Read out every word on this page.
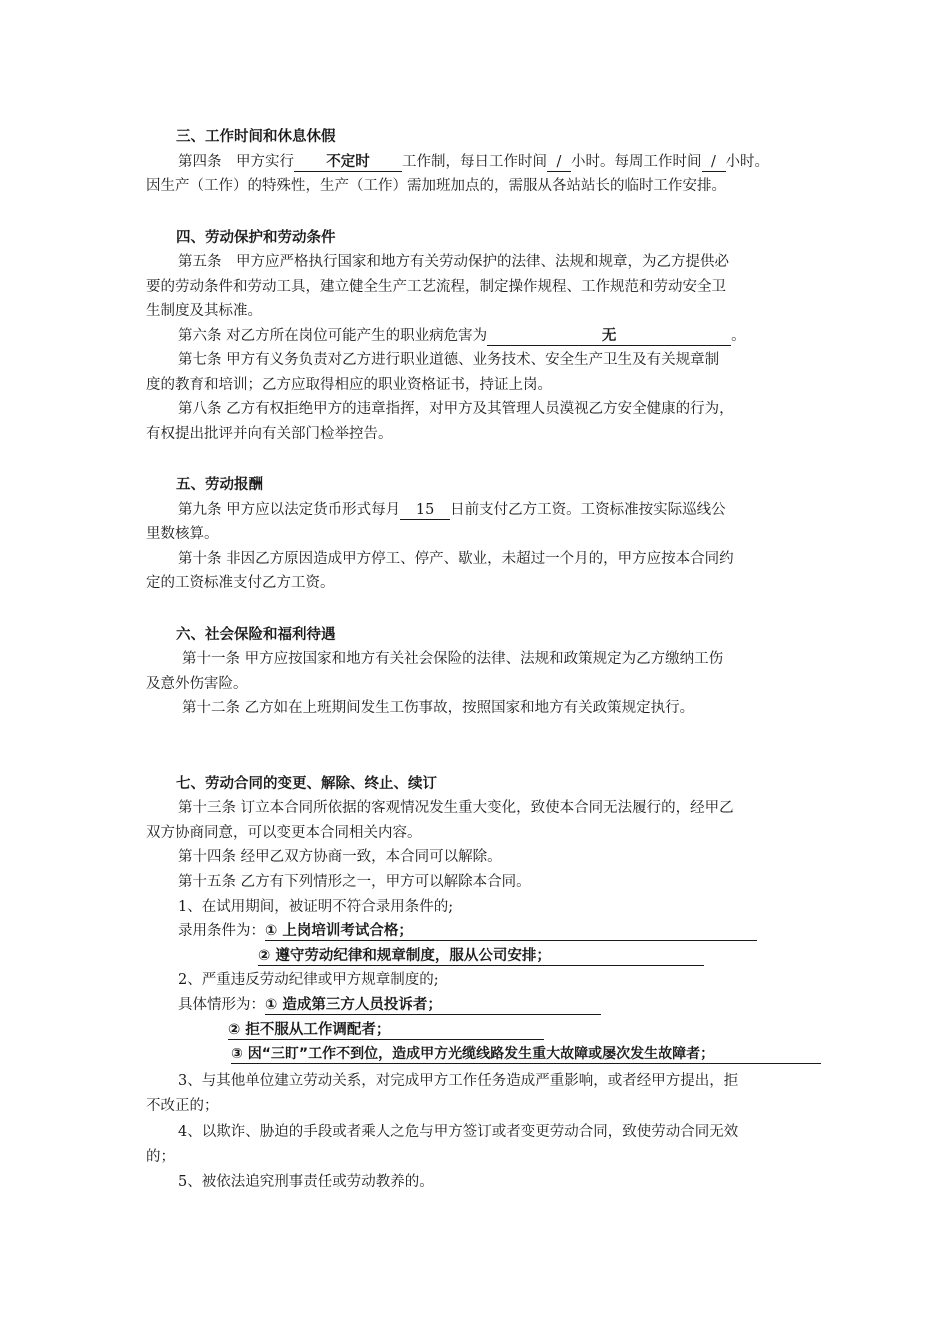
三、工作时间和休息休假
第四条　甲方实行 不定时 工作制，每日工作时间 / 小时。每周工作时间 / 小时。
因生产（工作）的特殊性，生产（工作）需加班加点的，需服从各站站长的临时工作安排。
四、劳动保护和劳动条件
第五条　甲方应严格执行国家和地方有关劳动保护的法律、法规和规章，为乙方提供必
要的劳动条件和劳动工具，建立健全生产工艺流程，制定操作规程、工作规范和劳动安全卫
生制度及其标准。
第六条 对乙方所在岗位可能产生的职业病危害为	无	。
第七条 甲方有义务负责对乙方进行职业道德、业务技术、安全生产卫生及有关规章制
度的教育和培训；乙方应取得相应的职业资格证书，持证上岗。
第八条 乙方有权拒绝甲方的违章指挥，对甲方及其管理人员漠视乙方安全健康的行为，
有权提出批评并向有关部门检举控告。
五、劳动报酬
第九条 甲方应以法定货币形式每月 15 日前支付乙方工资。工资标准按实际巡线公
里数核算。
第十条 非因乙方原因造成甲方停工、停产、歇业，未超过一个月的，甲方应按本合同约
定的工资标准支付乙方工资。
六、社会保险和福利待遇
第十一条 甲方应按国家和地方有关社会保险的法律、法规和政策规定为乙方缴纳工伤
及意外伤害险。
第十二条 乙方如在上班期间发生工伤事故，按照国家和地方有关政策规定执行。
七、劳动合同的变更、解除、终止、续订
第十三条 订立本合同所依据的客观情况发生重大变化，致使本合同无法履行的，经甲乙
双方协商同意，可以变更本合同相关内容。
第十四条 经甲乙双方协商一致，本合同可以解除。
第十五条 乙方有下列情形之一，甲方可以解除本合同。
1、在试用期间，被证明不符合录用条件的;
录用条件为：① 上岗培训考试合格；
② 遵守劳动纪律和规章制度，服从公司安排；
2、严重违反劳动纪律或甲方规章制度的;
具体情形为：① 造成第三方人员投诉者；
② 拒不服从工作调配者；
③ 因“三盯”工作不到位，造成甲方光缆线路发生重大故障或屡次发生故障者；
3、与其他单位建立劳动关系，对完成甲方工作任务造成严重影响，或者经甲方提出，拒
不改正的；
4、以欺诈、胁迫的手段或者乘人之危与甲方签订或者变更劳动合同，致使劳动合同无效
的；
5、被依法追究刑事责任或劳动教养的。
